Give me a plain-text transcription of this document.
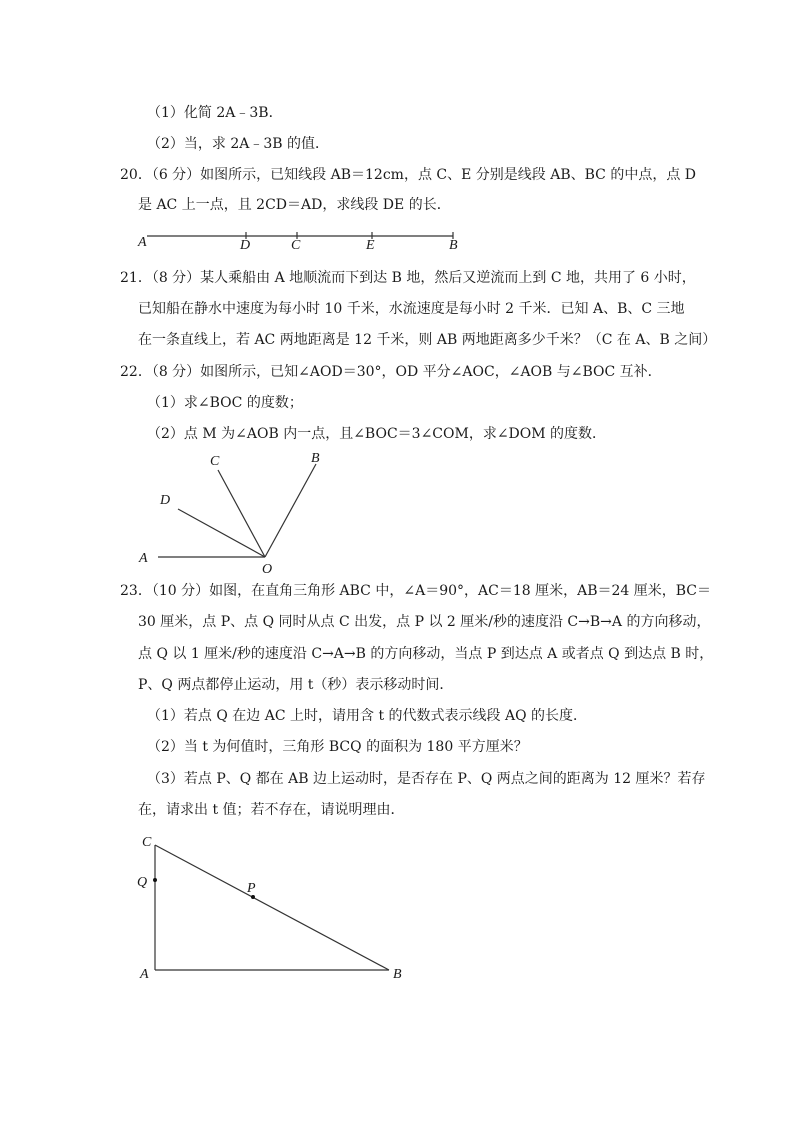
（1）化简 2A﹣3B．
（2）当，求 2A﹣3B 的值．
20．（6 分）如图所示，已知线段 AB＝12cm，点 C、E 分别是线段 AB、BC 的中点，点 D
是 AC 上一点，且 2CD＝AD，求线段 DE 的长．
A	D	C	E	B
21．（8 分）某人乘船由 A 地顺流而下到达 B 地，然后又逆流而上到 C 地，共用了 6 小时，
已知船在静水中速度为每小时 10 千米，水流速度是每小时 2 千米．已知 A、B、C 三地
在一条直线上，若 AC 两地距离是 12 千米，则 AB 两地距离多少千米？（C 在 A、B 之间）
22．（8 分）如图所示，已知∠AOD＝30°，OD 平分∠AOC，∠AOB 与∠BOC 互补．
（1）求∠BOC 的度数；
（2）点 M 为∠AOB 内一点，且∠BOC＝3∠COM，求∠DOM 的度数．
C	B
D
A
O
23．（10 分）如图，在直角三角形 ABC 中，∠A＝90°，AC＝18 厘米，AB＝24 厘米，BC＝
30 厘米，点 P、点 Q 同时从点 C 出发，点 P 以 2 厘米/秒的速度沿 C→B→A 的方向移动，
点 Q 以 1 厘米/秒的速度沿 C→A→B 的方向移动，当点 P 到达点 A 或者点 Q 到达点 B 时，
P、Q 两点都停止运动，用 t（秒）表示移动时间．
（1）若点 Q 在边 AC 上时，请用含 t 的代数式表示线段 AQ 的长度．
（2）当 t 为何值时，三角形 BCQ 的面积为 180 平方厘米？
（3）若点 P、Q 都在 AB 边上运动时，是否存在 P、Q 两点之间的距离为 12 厘米？若存
在，请求出 t 值；若不存在，请说明理由．
C
Q	P
A	B
